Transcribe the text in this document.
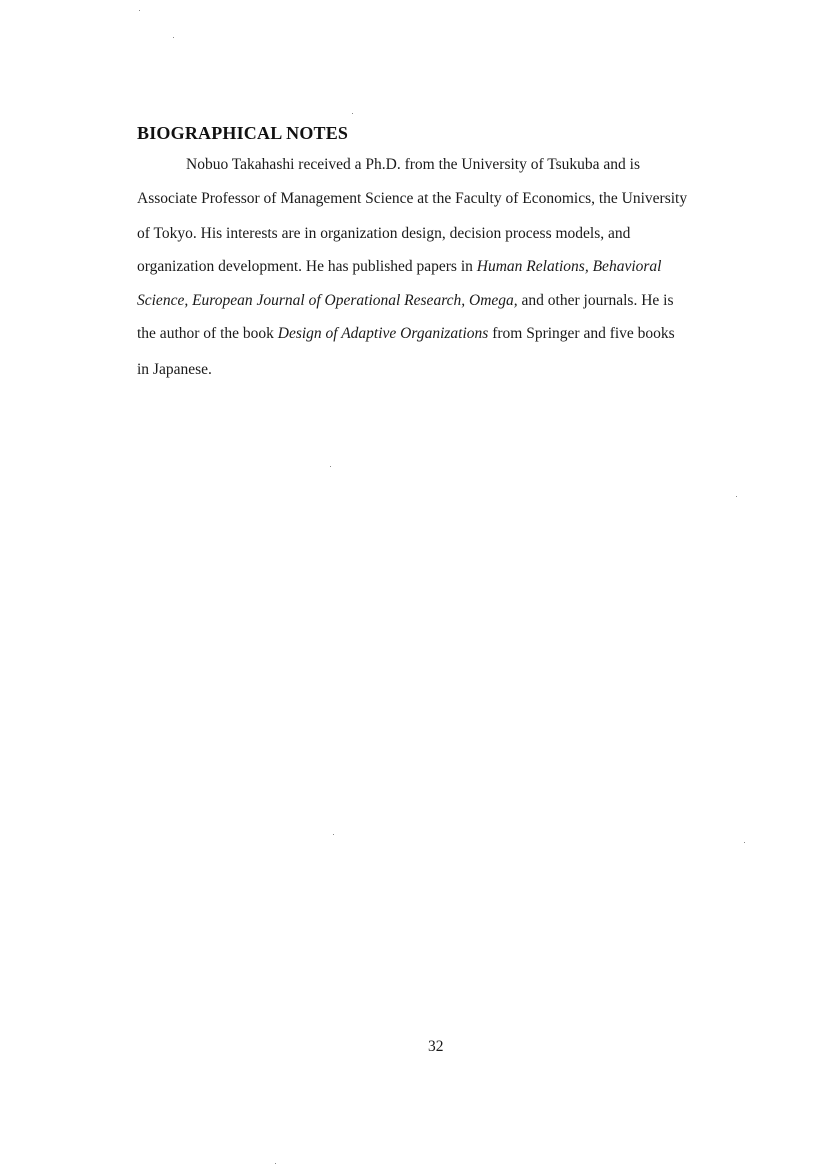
BIOGRAPHICAL NOTES

Nobuo Takahashi received a Ph.D. from the University of Tsukuba and is

Associate Professor of Management Science at the Faculty of Economics, the University

of Tokyo. His interests are in organization design, decision process models, and

organization development. He has published papers in Human Relations, Behavioral

Science, European Journal of Operational Research, Omega, and other journals. He is

the author of the book Design of Adaptive Organizations from Springer and five books

in Japanese.

32
